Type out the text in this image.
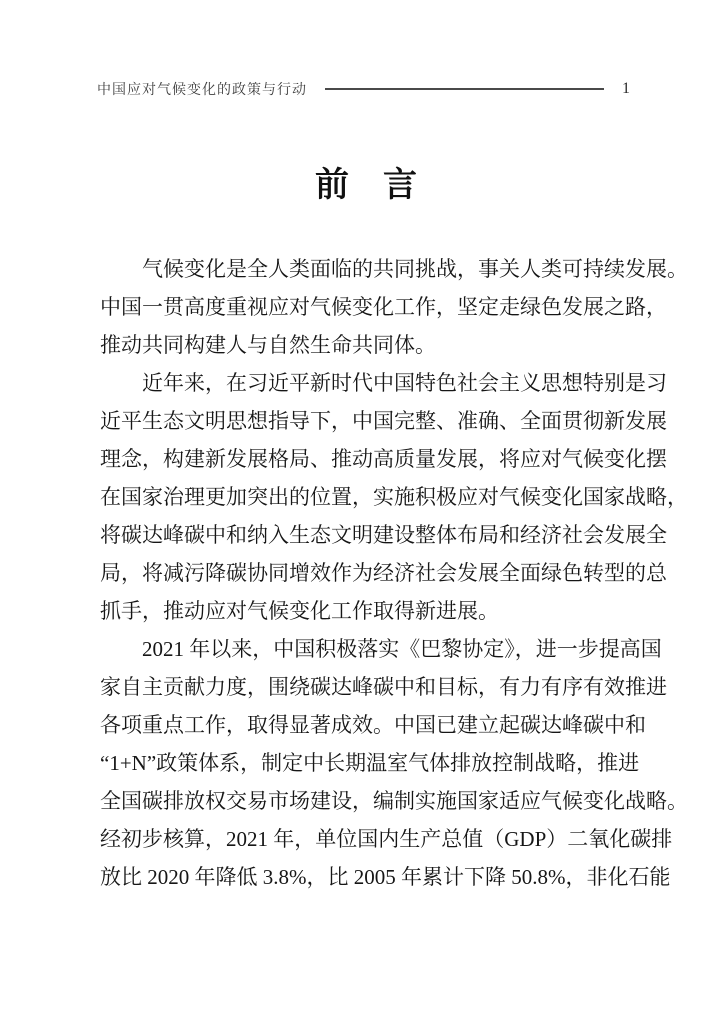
中国应对气候变化的政策与行动	1
前　言
气候变化是全人类面临的共同挑战，事关人类可持续发展。
中国一贯高度重视应对气候变化工作，坚定走绿色发展之路，
推动共同构建人与自然生命共同体。
近年来，在习近平新时代中国特色社会主义思想特别是习
近平生态文明思想指导下，中国完整、准确、全面贯彻新发展
理念，构建新发展格局、推动高质量发展，将应对气候变化摆
在国家治理更加突出的位置，实施积极应对气候变化国家战略，
将碳达峰碳中和纳入生态文明建设整体布局和经济社会发展全
局，将减污降碳协同增效作为经济社会发展全面绿色转型的总
抓手，推动应对气候变化工作取得新进展。
2021 年以来，中国积极落实《巴黎协定》，进一步提高国
家自主贡献力度，围绕碳达峰碳中和目标，有力有序有效推进
各项重点工作，取得显著成效。中国已建立起碳达峰碳中和
“1+N”政策体系，制定中长期温室气体排放控制战略，推进
全国碳排放权交易市场建设，编制实施国家适应气候变化战略。
经初步核算，2021 年，单位国内生产总值（GDP）二氧化碳排
放比 2020 年降低 3.8%，比 2005 年累计下降 50.8%，非化石能
